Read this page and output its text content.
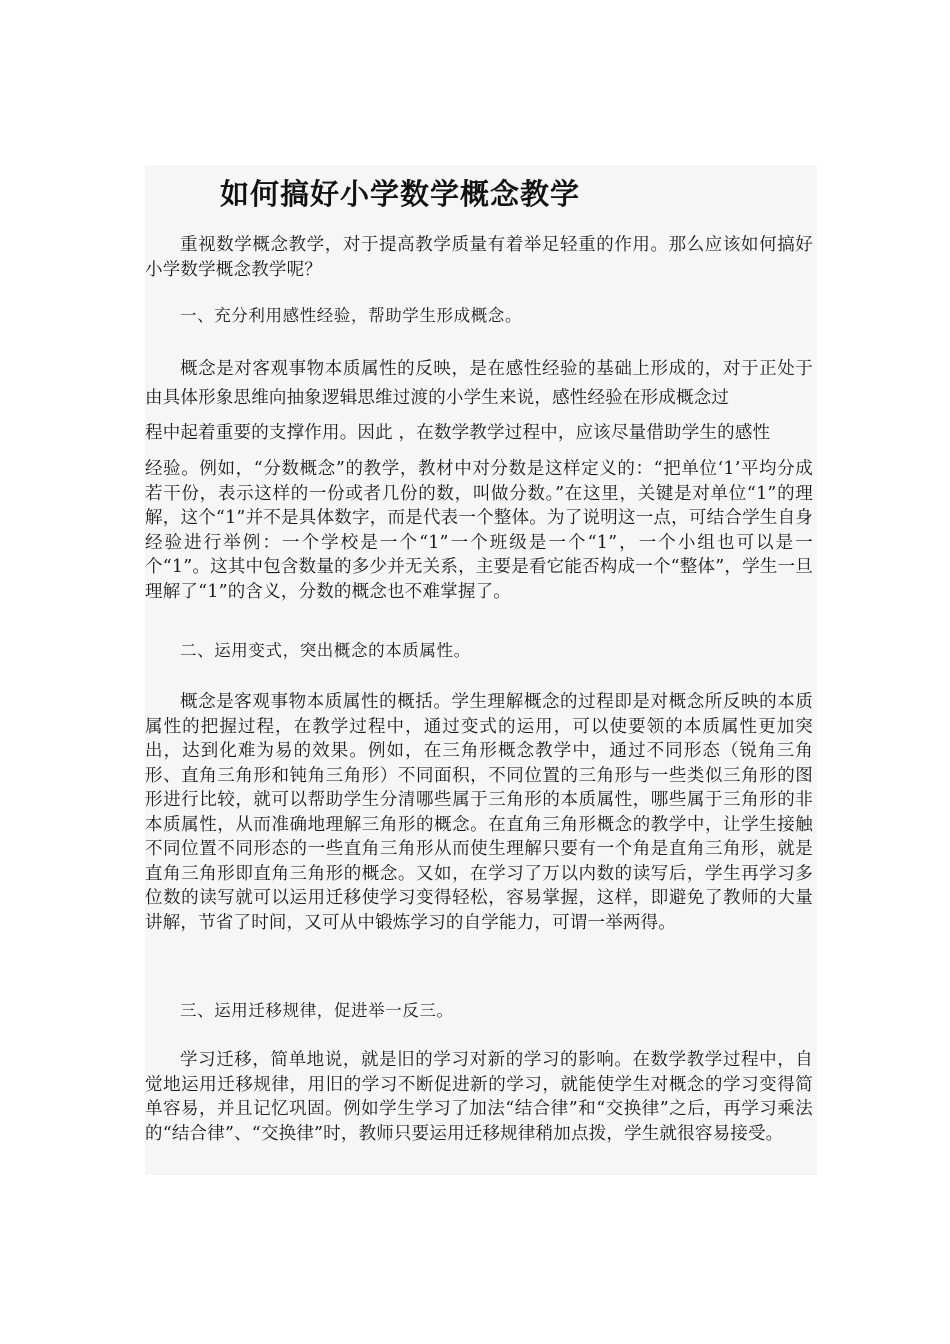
如何搞好小学数学概念教学
重视数学概念教学，对于提高教学质量有着举足轻重的作用。那么应该如何搞好小学数学概念教学呢？
一、充分利用感性经验，帮助学生形成概念。
概念是对客观事物本质属性的反映，是在感性经验的基础上形成的，对于正处于由具体形象思维向抽象逻辑思维过渡的小学生来说，感性经验在形成概念过
程中起着重要的支撑作用。因此 ，在数学教学过程中，应该尽量借助学生的感性
经验。例如，“分数概念”的教学，教材中对分数是这样定义的：“把单位‘1’平均分成若干份，表示这样的一份或者几份的数，叫做分数。”在这里，关键是对单位“1”的理解，这个“1”并不是具体数字，而是代表一个整体。为了说明这一点，可结合学生自身经验进行举例：一个学校是一个“1”一个班级是一个“1”，一个小组也可以是一个“1”。这其中包含数量的多少并无关系，主要是看它能否构成一个“整体”，学生一旦理解了“1”的含义，分数的概念也不难掌握了。
二、运用变式，突出概念的本质属性。
概念是客观事物本质属性的概括。学生理解概念的过程即是对概念所反映的本质属性的把握过程，在教学过程中，通过变式的运用，可以使要领的本质属性更加突出，达到化难为易的效果。例如，在三角形概念教学中，通过不同形态（锐角三角形、直角三角形和钝角三角形）不同面积，不同位置的三角形与一些类似三角形的图形进行比较，就可以帮助学生分清哪些属于三角形的本质属性，哪些属于三角形的非本质属性，从而准确地理解三角形的概念。在直角三角形概念的教学中，让学生接触不同位置不同形态的一些直角三角形从而使生理解只要有一个角是直角三角形，就是直角三角形即直角三角形的概念。又如，在学习了万以内数的读写后，学生再学习多位数的读写就可以运用迁移使学习变得轻松，容易掌握，这样，即避免了教师的大量讲解，节省了时间，又可从中锻炼学习的自学能力，可谓一举两得。
三、运用迁移规律，促进举一反三。
学习迁移，简单地说，就是旧的学习对新的学习的影响。在数学教学过程中，自觉地运用迁移规律，用旧的学习不断促进新的学习，就能使学生对概念的学习变得简单容易，并且记忆巩固。例如学生学习了加法“结合律”和“交换律”之后，再学习乘法的“结合律”、“交换律”时，教师只要运用迁移规律稍加点拨，学生就很容易接受。
